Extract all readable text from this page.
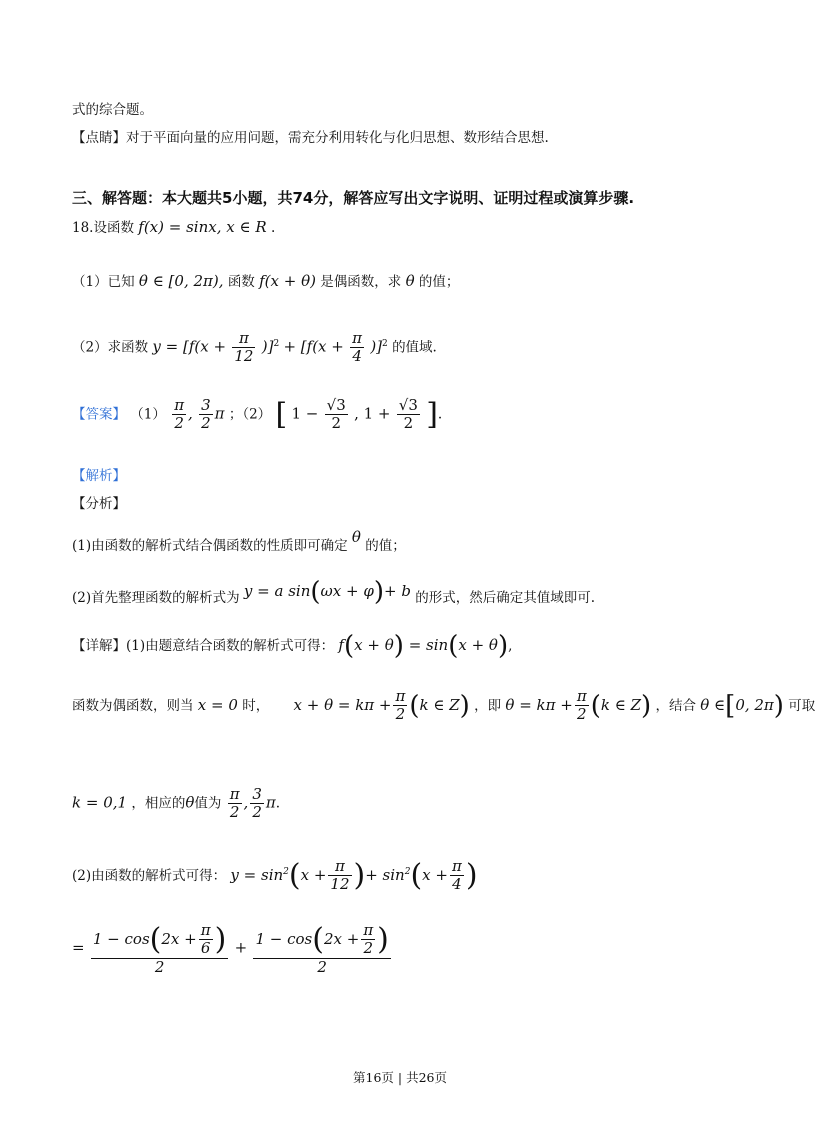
式的综合题。
【点睛】对于平面向量的应用问题，需充分利用转化与化归思想、数形结合思想.
三、解答题：本大题共5小题，共74分，解答应写出文字说明、证明过程或演算步骤.
18.设函数 f(x) = sinx, x ∈ R .
（1）已知 θ ∈ [0, 2π), 函数 f(x + θ) 是偶函数，求 θ 的值；
（2）求函数 $y = [f(x + \frac{\pi}{12} )]^2 + [f(x + \frac{\pi}{4} )]^2$ 的值域.
【答案】 $(1) \frac{\pi}{2}$ , $\frac{3}{2}$ π ；（2） [ $1 - \frac{√3}{2}$ , $1 + \frac{√3}{2}$ ].
【解析】
【分析】
(1)由函数的解析式结合偶函数的性质即可确定 θ 的值；
(2)首先整理函数的解析式为 y = a sin(ωx + φ)+ b 的形式，然后确定其值域即可.
【详解】(1)由题意结合函数的解析式可得： f(x + θ) = sin(x + θ),
函数为偶函数，则当 x = 0 时， $x + \theta = k\pi + \frac{\pi}{2} (k$ ∈ Z) ，即 $\theta = k\pi + \frac{\pi}{2} (k$ ∈ Z) ，结合 θ ∈[0, 2π) 可取
k = 0,1 ，相应的θ值为 $\frac{\pi}{2}$ , $\frac{3}{2} \pi$.
(2)由函数的解析式可得： $y = \sin^2(x + \frac{\pi}{12}$ )+ $\sin^2(x + \frac{\pi}{4}$ )
= $\frac{1 - \cos(2x + \frac{\pi}{6} )}{2} + \frac{1 - \cos(2x + \frac{\pi}{2} )}{2}$
第16页 | 共26页
